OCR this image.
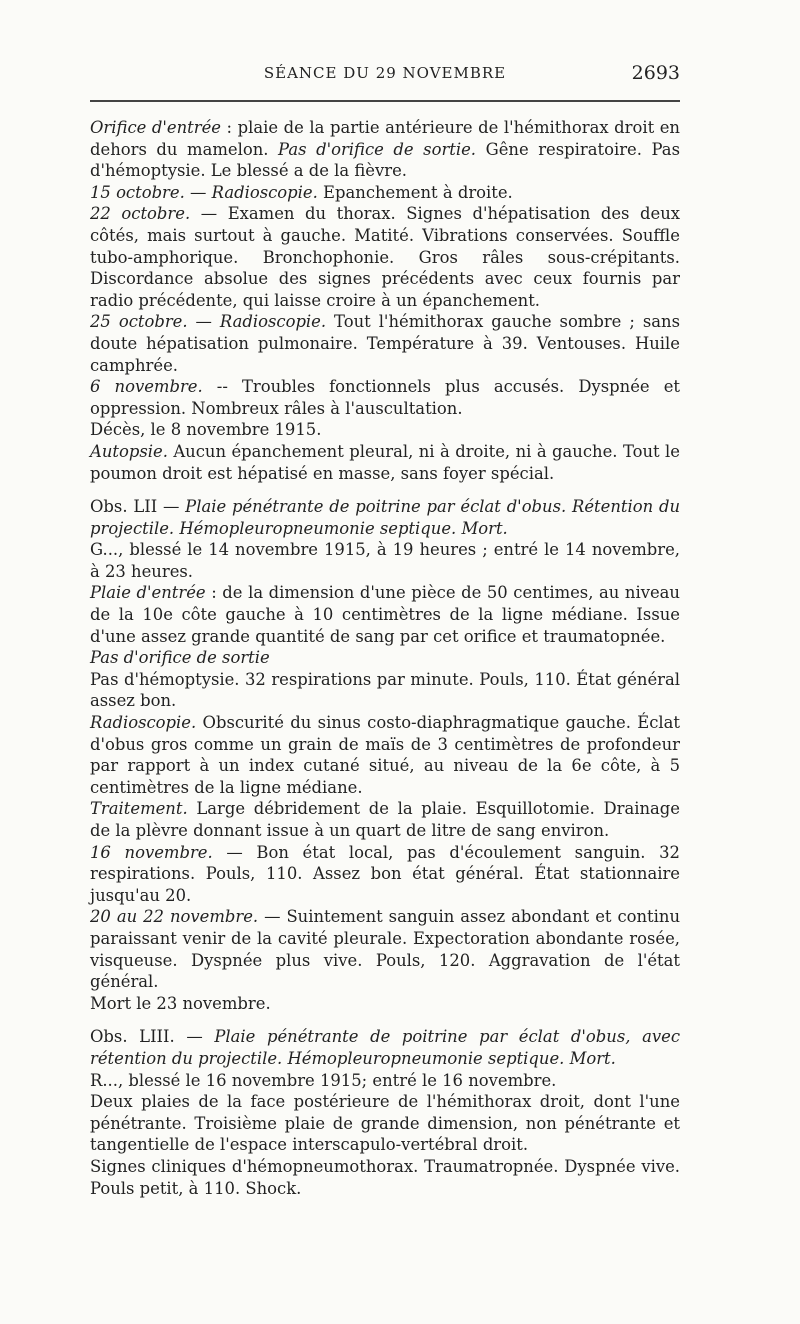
SÉANCE DU 29 NOVEMBRE	2693

Orifice d'entrée : plaie de la partie antérieure de l'hémithorax droit en dehors du mamelon. Pas d'orifice de sortie. Gêne respiratoire. Pas d'hémoptysie. Le blessé a de la fièvre.

15 octobre. — Radioscopie. Epanchement à droite.

22 octobre. — Examen du thorax. Signes d'hépatisation des deux côtés, mais surtout à gauche. Matité. Vibrations conservées. Souffle tubo-amphorique. Bronchophonie. Gros râles sous-crépitants. Discordance absolue des signes précédents avec ceux fournis par radio précédente, qui laisse croire à un épanchement.

25 octobre. — Radioscopie. Tout l'hémithorax gauche sombre ; sans doute hépatisation pulmonaire. Température à 39. Ventouses. Huile camphrée.

6 novembre. -- Troubles fonctionnels plus accusés. Dyspnée et oppression. Nombreux râles à l'auscultation.

Décès, le 8 novembre 1915.

Autopsie. Aucun épanchement pleural, ni à droite, ni à gauche. Tout le poumon droit est hépatisé en masse, sans foyer spécial.

Obs. LII — Plaie pénétrante de poitrine par éclat d'obus. Rétention du projectile. Hémopleuropneumonie septique. Mort.

G..., blessé le 14 novembre 1915, à 19 heures ; entré le 14 novembre, à 23 heures.

Plaie d'entrée : de la dimension d'une pièce de 50 centimes, au niveau de la 10e côte gauche à 10 centimètres de la ligne médiane. Issue d'une assez grande quantité de sang par cet orifice et traumatopnée.

Pas d'orifice de sortie

Pas d'hémoptysie. 32 respirations par minute. Pouls, 110. État général assez bon.

Radioscopie. Obscurité du sinus costo-diaphragmatique gauche. Éclat d'obus gros comme un grain de maïs de 3 centimètres de profondeur par rapport à un index cutané situé, au niveau de la 6e côte, à 5 centimètres de la ligne médiane.

Traitement. Large débridement de la plaie. Esquillotomie. Drainage de la plèvre donnant issue à un quart de litre de sang environ.

16 novembre. — Bon état local, pas d'écoulement sanguin. 32 respirations. Pouls, 110. Assez bon état général. État stationnaire jusqu'au 20.

20 au 22 novembre. — Suintement sanguin assez abondant et continu paraissant venir de la cavité pleurale. Expectoration abondante rosée, visqueuse. Dyspnée plus vive. Pouls, 120. Aggravation de l'état général.

Mort le 23 novembre.

Obs. LIII. — Plaie pénétrante de poitrine par éclat d'obus, avec rétention du projectile. Hémopleuropneumonie septique. Mort.

R..., blessé le 16 novembre 1915; entré le 16 novembre.

Deux plaies de la face postérieure de l'hémithorax droit, dont l'une pénétrante. Troisième plaie de grande dimension, non pénétrante et tangentielle de l'espace interscapulo-vertébral droit.

Signes cliniques d'hémopneumothorax. Traumatropnée. Dyspnée vive. Pouls petit, à 110. Shock.
